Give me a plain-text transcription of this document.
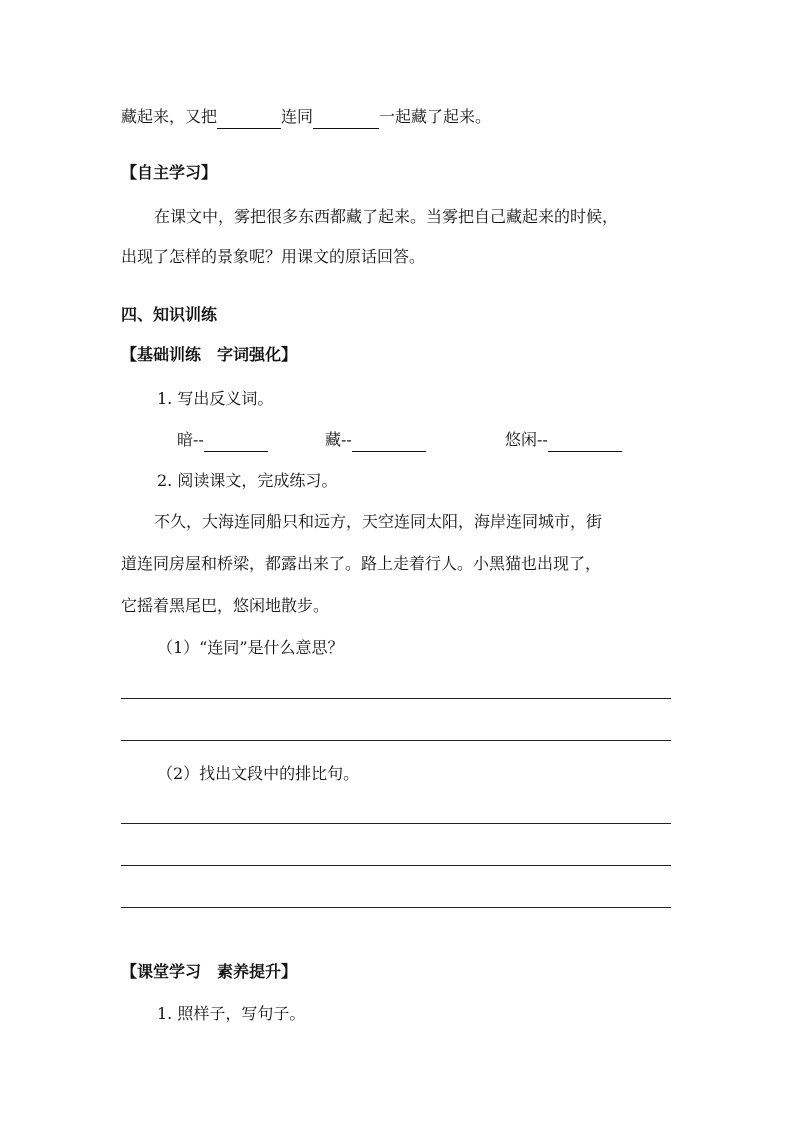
藏起来，又把	连同	一起藏了起来。
【自主学习】
在课文中，雾把很多东西都藏了起来。当雾把自己藏起来的时候，
出现了怎样的景象呢？用课文的原话回答。
四、知识训练
【基础训练　字词强化】
1. 写出反义词。
暗--	藏--	悠闲--
2. 阅读课文，完成练习。
不久，大海连同船只和远方，天空连同太阳，海岸连同城市，街
道连同房屋和桥梁，都露出来了。路上走着行人。小黑猫也出现了，
它摇着黑尾巴，悠闲地散步。
（1）“连同”是什么意思？
（2）找出文段中的排比句。
【课堂学习　素养提升】
1. 照样子，写句子。
